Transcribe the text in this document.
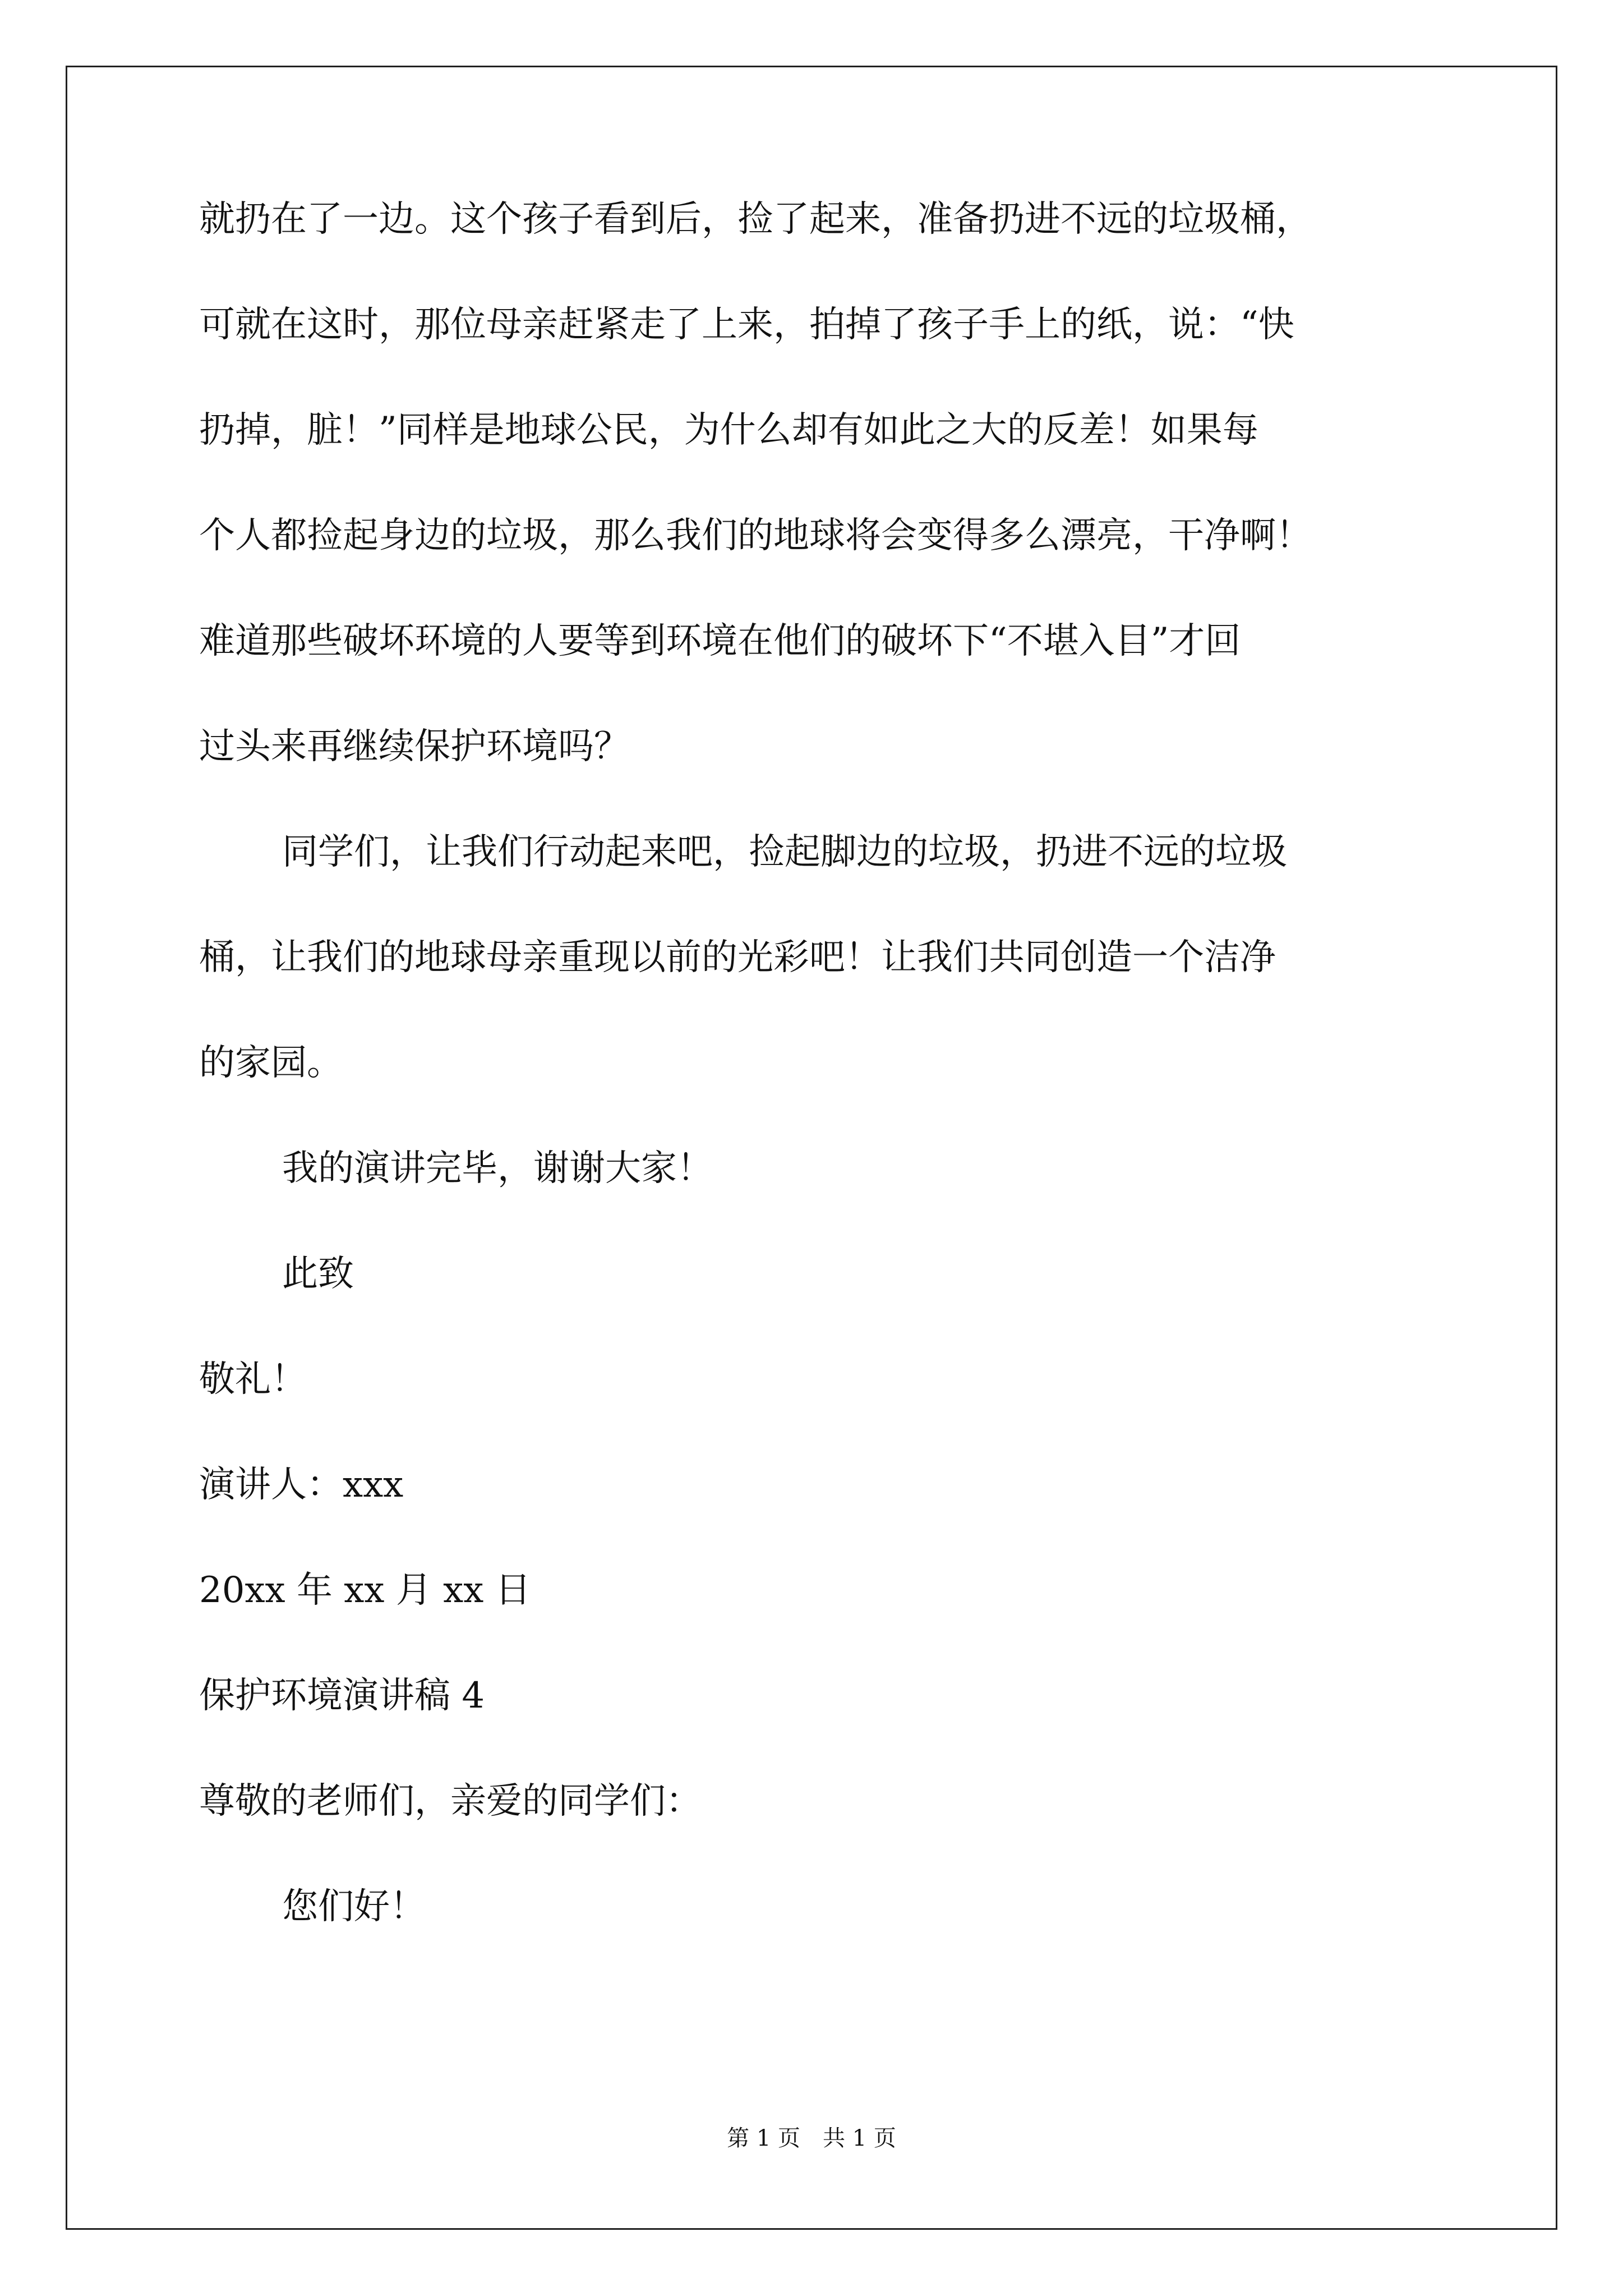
就扔在了一边。这个孩子看到后，捡了起来，准备扔进不远的垃圾桶，
可就在这时，那位母亲赶紧走了上来，拍掉了孩子手上的纸，说：“快
扔掉，脏！”同样是地球公民，为什么却有如此之大的反差！如果每
个人都捡起身边的垃圾，那么我们的地球将会变得多么漂亮，干净啊！
难道那些破坏环境的人要等到环境在他们的破坏下“不堪入目”才回
过头来再继续保护环境吗？
同学们，让我们行动起来吧，捡起脚边的垃圾，扔进不远的垃圾
桶，让我们的地球母亲重现以前的光彩吧！让我们共同创造一个洁净
的家园。
我的演讲完毕，谢谢大家！
此致
敬礼！
演讲人：xxx
20xx 年 xx 月 xx 日
保护环境演讲稿 4
尊敬的老师们，亲爱的同学们：
您们好！
第 1 页　共 1 页
